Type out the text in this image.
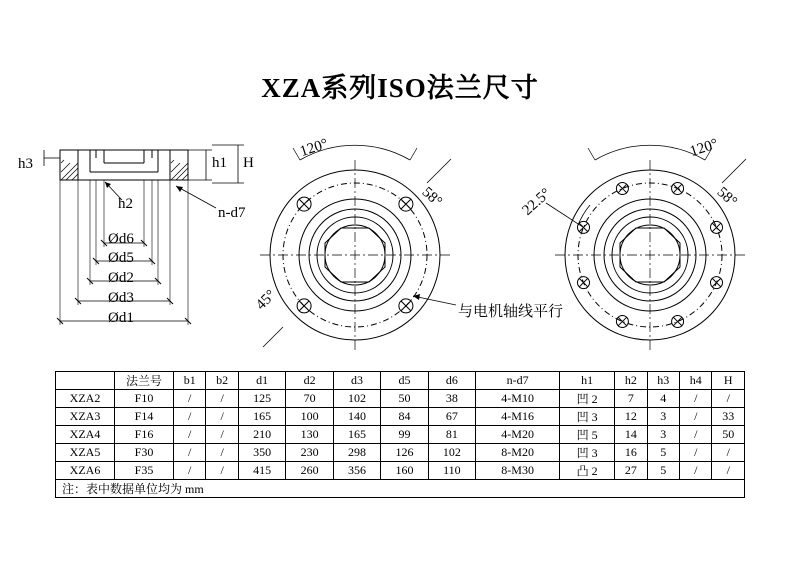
XZA系列ISO法兰尺寸
h3
h2
h1 H
n-d7
Ød6
Ød5
Ød2
Ød3
Ød1
120°
58°
45°
120°
58°
22.5°
与电机轴线平行
	法兰号	b1	b2	d1	d2	d3	d5	d6	n-d7	h1	h2	h3	h4	H
XZA2	F10	/	/	125	70	102	50	38	4-M10	凹 2	7	4	/	/
XZA3	F14	/	/	165	100	140	84	67	4-M16	凹 3	12	3	/	33
XZA4	F16	/	/	210	130	165	99	81	4-M20	凹 5	14	3	/	50
XZA5	F30	/	/	350	230	298	126	102	8-M20	凹 3	16	5	/	/
XZA6	F35	/	/	415	260	356	160	110	8-M30	凸 2	27	5	/	/
注：表中数据单位均为 mm														
